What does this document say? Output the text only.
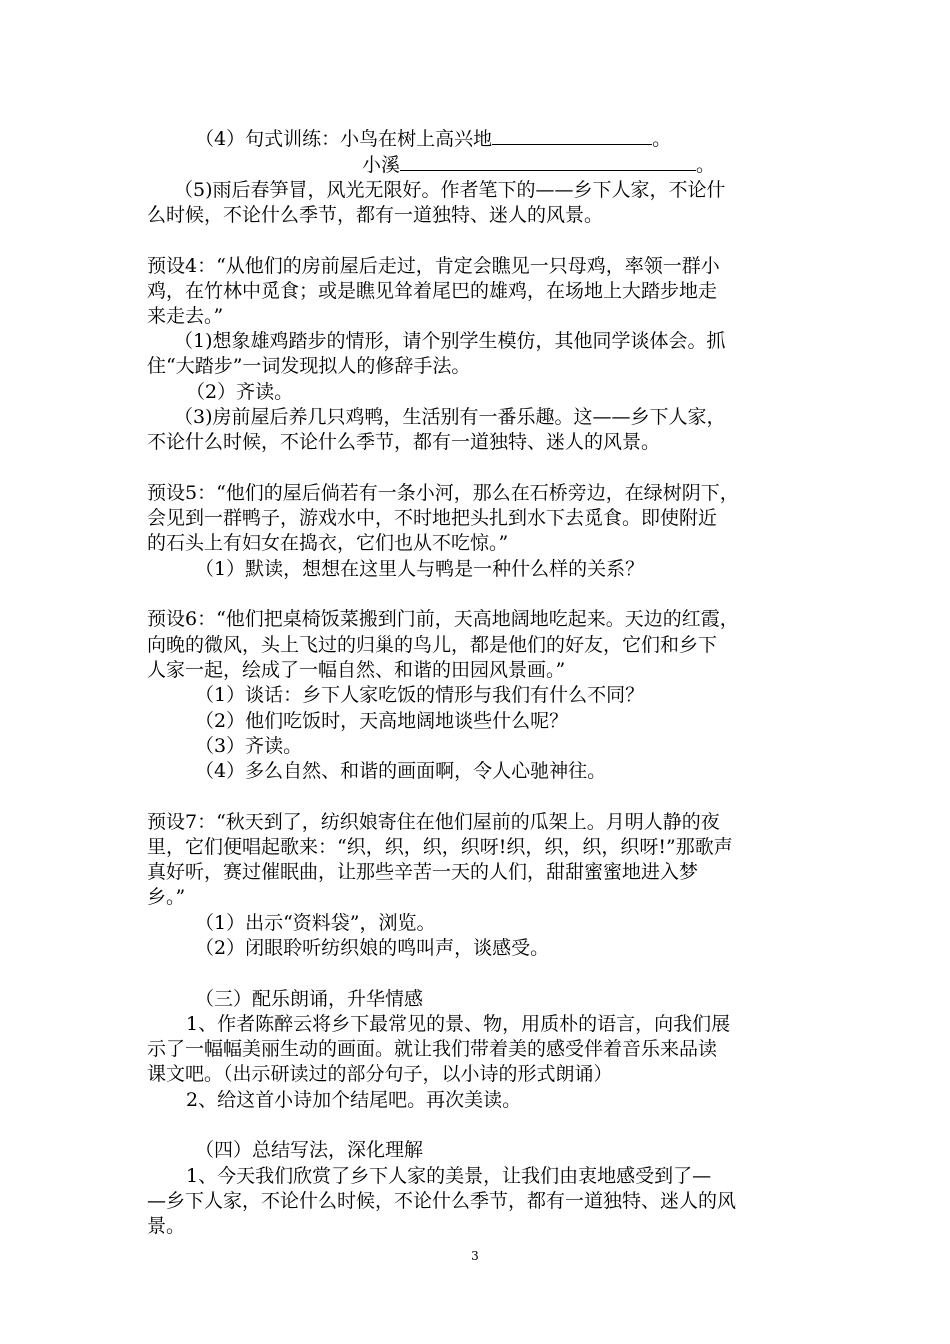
（4）句式训练：小鸟在树上高兴地	。
小溪	。
（5)雨后春笋冒，风光无限好。作者笔下的——乡下人家，不论什
么时候，不论什么季节，都有一道独特、迷人的风景。
预设4：“从他们的房前屋后走过，肯定会瞧见一只母鸡，率领一群小
鸡，在竹林中觅食；或是瞧见耸着尾巴的雄鸡，在场地上大踏步地走
来走去。”
（1)想象雄鸡踏步的情形，请个别学生模仿，其他同学谈体会。抓
住“大踏步”一词发现拟人的修辞手法。
（2）齐读。
（3)房前屋后养几只鸡鸭，生活别有一番乐趣。这——乡下人家，
不论什么时候，不论什么季节，都有一道独特、迷人的风景。
预设5：“他们的屋后倘若有一条小河，那么在石桥旁边，在绿树阴下，
会见到一群鸭子，游戏水中，不时地把头扎到水下去觅食。即使附近
的石头上有妇女在捣衣，它们也从不吃惊。”
（1）默读，想想在这里人与鸭是一种什么样的关系？
预设6：“他们把桌椅饭菜搬到门前，天高地阔地吃起来。天边的红霞，
向晚的微风，头上飞过的归巢的鸟儿，都是他们的好友，它们和乡下
人家一起，绘成了一幅自然、和谐的田园风景画。”
（1）谈话：乡下人家吃饭的情形与我们有什么不同？
（2）他们吃饭时，天高地阔地谈些什么呢？
（3）齐读。
（4）多么自然、和谐的画面啊，令人心驰神往。
预设7：“秋天到了，纺织娘寄住在他们屋前的瓜架上。月明人静的夜
里，它们便唱起歌来：“织，织，织，织呀!织，织，织，织呀!”那歌声
真好听，赛过催眠曲，让那些辛苦一天的人们，甜甜蜜蜜地进入梦
乡。”
（1）出示“资料袋”，浏览。
（2）闭眼聆听纺织娘的鸣叫声，谈感受。
（三）配乐朗诵，升华情感
1、作者陈醉云将乡下最常见的景、物，用质朴的语言，向我们展
示了一幅幅美丽生动的画面。就让我们带着美的感受伴着音乐来品读
课文吧。（出示研读过的部分句子，以小诗的形式朗诵）
2、给这首小诗加个结尾吧。再次美读。
（四）总结写法，深化理解
1、今天我们欣赏了乡下人家的美景，让我们由衷地感受到了—
—乡下人家，不论什么时候，不论什么季节，都有一道独特、迷人的风
景。
3
